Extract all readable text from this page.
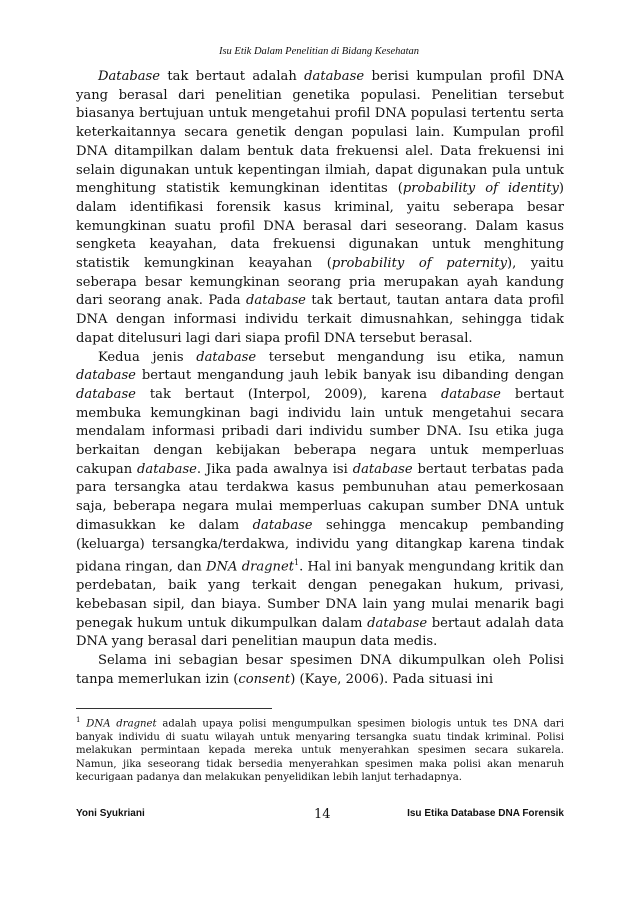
Isu Etik Dalam Penelitian di Bidang Kesehatan

Database tak bertaut adalah database berisi kumpulan profil DNA yang berasal dari penelitian genetika populasi. Penelitian tersebut biasanya bertujuan untuk mengetahui profil DNA populasi tertentu serta keterkaitannya secara genetik dengan populasi lain. Kumpulan profil DNA ditampilkan dalam bentuk data frekuensi alel. Data frekuensi ini selain digunakan untuk kepentingan ilmiah, dapat digunakan pula untuk menghitung statistik kemungkinan identitas (probability of identity) dalam identifikasi forensik kasus kriminal, yaitu seberapa besar kemungkinan suatu profil DNA berasal dari seseorang. Dalam kasus sengketa keayahan, data frekuensi digunakan untuk menghitung statistik kemungkinan keayahan (probability of paternity), yaitu seberapa besar kemungkinan seorang pria merupakan ayah kandung dari seorang anak. Pada database tak bertaut, tautan antara data profil DNA dengan informasi individu terkait dimusnahkan, sehingga tidak dapat ditelusuri lagi dari siapa profil DNA tersebut berasal.

Kedua jenis database tersebut mengandung isu etika, namun database bertaut mengandung jauh lebik banyak isu dibanding dengan database tak bertaut (Interpol, 2009), karena database bertaut membuka kemungkinan bagi individu lain untuk mengetahui secara mendalam informasi pribadi dari individu sumber DNA. Isu etika juga berkaitan dengan kebijakan beberapa negara untuk memperluas cakupan database. Jika pada awalnya isi database bertaut terbatas pada para tersangka atau terdakwa kasus pembunuhan atau pemerkosaan saja, beberapa negara mulai memperluas cakupan sumber DNA untuk dimasukkan ke dalam database sehingga mencakup pembanding (keluarga) tersangka/terdakwa, individu yang ditangkap karena tindak pidana ringan, dan DNA dragnet$^1$. Hal ini banyak mengundang kritik dan perdebatan, baik yang terkait dengan penegakan hukum, privasi, kebebasan sipil, dan biaya. Sumber DNA lain yang mulai menarik bagi penegak hukum untuk dikumpulkan dalam database bertaut adalah data DNA yang berasal dari penelitian maupun data medis.

Selama ini sebagian besar spesimen DNA dikumpulkan oleh Polisi tanpa memerlukan izin (consent) (Kaye, 2006). Pada situasi ini

$^1$ DNA dragnet adalah upaya polisi mengumpulkan spesimen biologis untuk tes DNA dari banyak individu di suatu wilayah untuk menyaring tersangka suatu tindak kriminal. Polisi melakukan permintaan kepada mereka untuk menyerahkan spesimen secara sukarela. Namun, jika seseorang tidak bersedia menyerahkan spesimen maka polisi akan menaruh kecurigaan padanya dan melakukan penyelidikan lebih lanjut terhadapnya.
Yoni Syukriani	14	Isu Etika Database DNA Forensik
